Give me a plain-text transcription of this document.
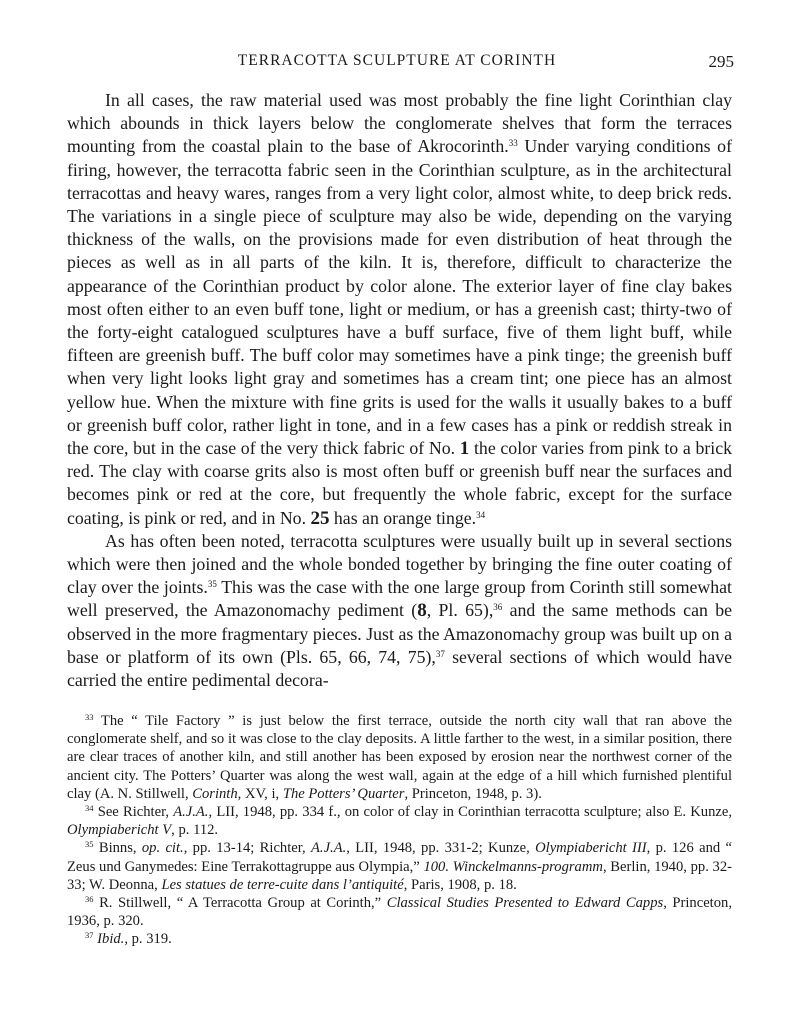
TERRACOTTA SCULPTURE AT CORINTH	295

In all cases, the raw material used was most probably the fine light Corinthian clay which abounds in thick layers below the conglomerate shelves that form the terraces mounting from the coastal plain to the base of Akrocorinth.$^{33}$ Under varying conditions of firing, however, the terracotta fabric seen in the Corinthian sculpture, as in the architectural terracottas and heavy wares, ranges from a very light color, almost white, to deep brick reds. The variations in a single piece of sculpture may also be wide, depending on the varying thickness of the walls, on the provisions made for even distribution of heat through the pieces as well as in all parts of the kiln. It is, therefore, difficult to characterize the appearance of the Corinthian product by color alone. The exterior layer of fine clay bakes most often either to an even buff tone, light or medium, or has a greenish cast; thirty-two of the forty-eight catalogued sculptures have a buff surface, five of them light buff, while fifteen are greenish buff. The buff color may sometimes have a pink tinge; the greenish buff when very light looks light gray and sometimes has a cream tint; one piece has an almost yellow hue. When the mixture with fine grits is used for the walls it usually bakes to a buff or greenish buff color, rather light in tone, and in a few cases has a pink or reddish streak in the core, but in the case of the very thick fabric of No. 1 the color varies from pink to a brick red. The clay with coarse grits also is most often buff or greenish buff near the surfaces and becomes pink or red at the core, but frequently the whole fabric, except for the surface coating, is pink or red, and in No. 25 has an orange tinge.$^{34}$

As has often been noted, terracotta sculptures were usually built up in several sections which were then joined and the whole bonded together by bringing the fine outer coating of clay over the joints.$^{35}$ This was the case with the one large group from Corinth still somewhat well preserved, the Amazonomachy pediment (8, Pl. 65),$^{36}$ and the same methods can be observed in the more fragmentary pieces. Just as the Amazonomachy group was built up on a base or platform of its own (Pls. 65, 66, 74, 75),$^{37}$ several sections of which would have carried the entire pedimental decora-

$^{33}$ The “ Tile Factory ” is just below the first terrace, outside the north city wall that ran above the conglomerate shelf, and so it was close to the clay deposits. A little farther to the west, in a similar position, there are clear traces of another kiln, and still another has been exposed by erosion near the northwest corner of the ancient city. The Potters’ Quarter was along the west wall, again at the edge of a hill which furnished plentiful clay (A. N. Stillwell, Corinth, XV, i, The Potters’ Quarter, Princeton, 1948, p. 3).

$^{34}$ See Richter, A.J.A., LII, 1948, pp. 334 f., on color of clay in Corinthian terracotta sculpture; also E. Kunze, Olympiabericht V, p. 112.

$^{35}$ Binns, op. cit., pp. 13-14; Richter, A.J.A., LII, 1948, pp. 331-2; Kunze, Olympiabericht III, p. 126 and “ Zeus und Ganymedes: Eine Terrakottagruppe aus Olympia,” 100. Winckelmanns-programm, Berlin, 1940, pp. 32-33; W. Deonna, Les statues de terre-cuite dans l’antiquité, Paris, 1908, p. 18.

$^{36}$ R. Stillwell, “ A Terracotta Group at Corinth,” Classical Studies Presented to Edward Capps, Princeton, 1936, p. 320.

$^{37}$ Ibid., p. 319.
